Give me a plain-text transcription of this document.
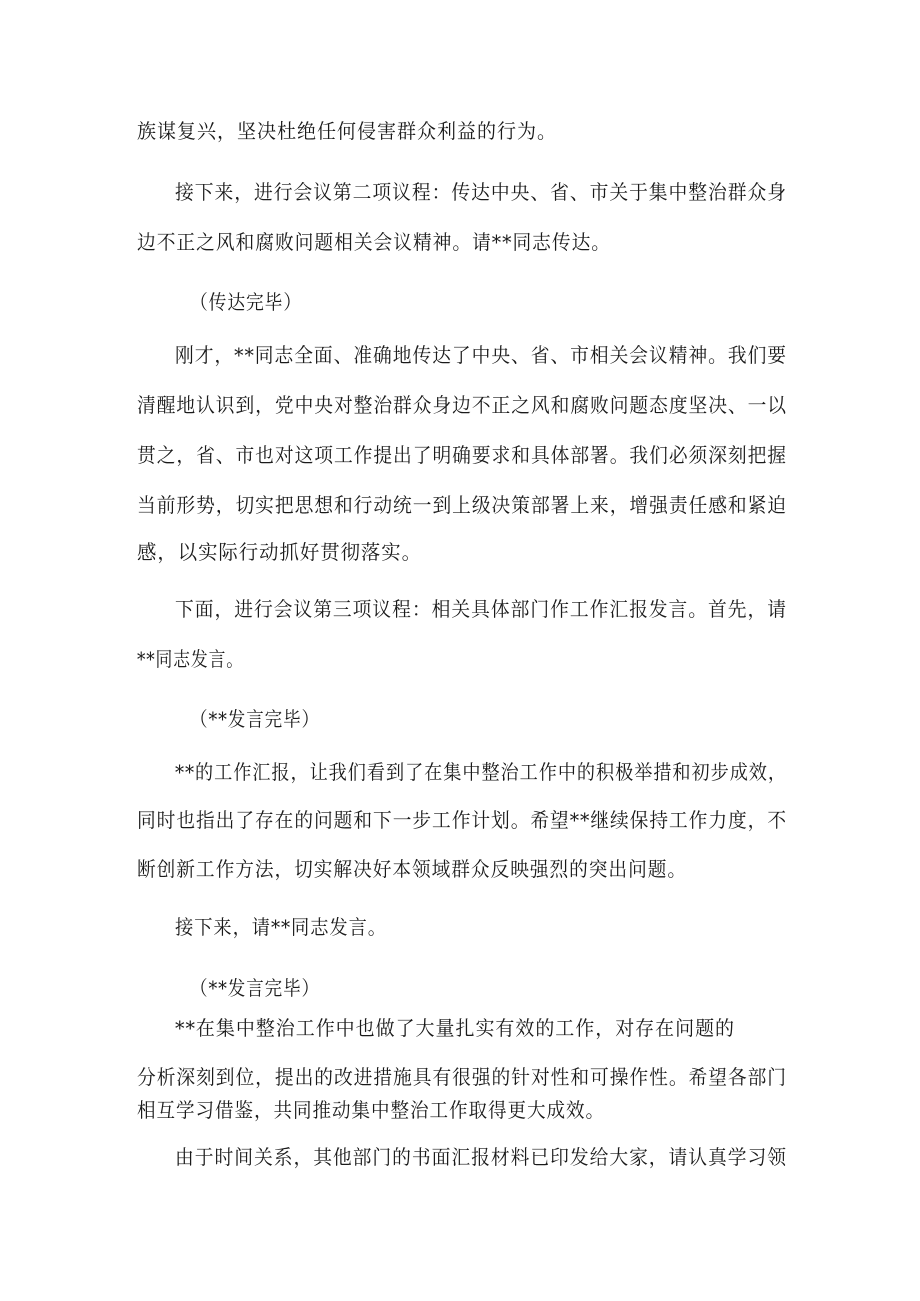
族谋复兴，坚决杜绝任何侵害群众利益的行为。

接下来，进行会议第二项议程：传达中央、省、市关于集中整治群众身

边不正之风和腐败问题相关会议精神。请**同志传达。

（传达完毕）

刚才，**同志全面、准确地传达了中央、省、市相关会议精神。我们要

清醒地认识到，党中央对整治群众身边不正之风和腐败问题态度坚决、一以

贯之，省、市也对这项工作提出了明确要求和具体部署。我们必须深刻把握

当前形势，切实把思想和行动统一到上级决策部署上来，增强责任感和紧迫

感，以实际行动抓好贯彻落实。

下面，进行会议第三项议程：相关具体部门作工作汇报发言。首先，请

**同志发言。

（**发言完毕）

**的工作汇报，让我们看到了在集中整治工作中的积极举措和初步成效，

同时也指出了存在的问题和下一步工作计划。希望**继续保持工作力度，不

断创新工作方法，切实解决好本领域群众反映强烈的突出问题。

接下来，请**同志发言。

（**发言完毕）

**在集中整治工作中也做了大量扎实有效的工作，对存在问题的

分析深刻到位，提出的改进措施具有很强的针对性和可操作性。希望各部门

相互学习借鉴，共同推动集中整治工作取得更大成效。

由于时间关系，其他部门的书面汇报材料已印发给大家，请认真学习领
